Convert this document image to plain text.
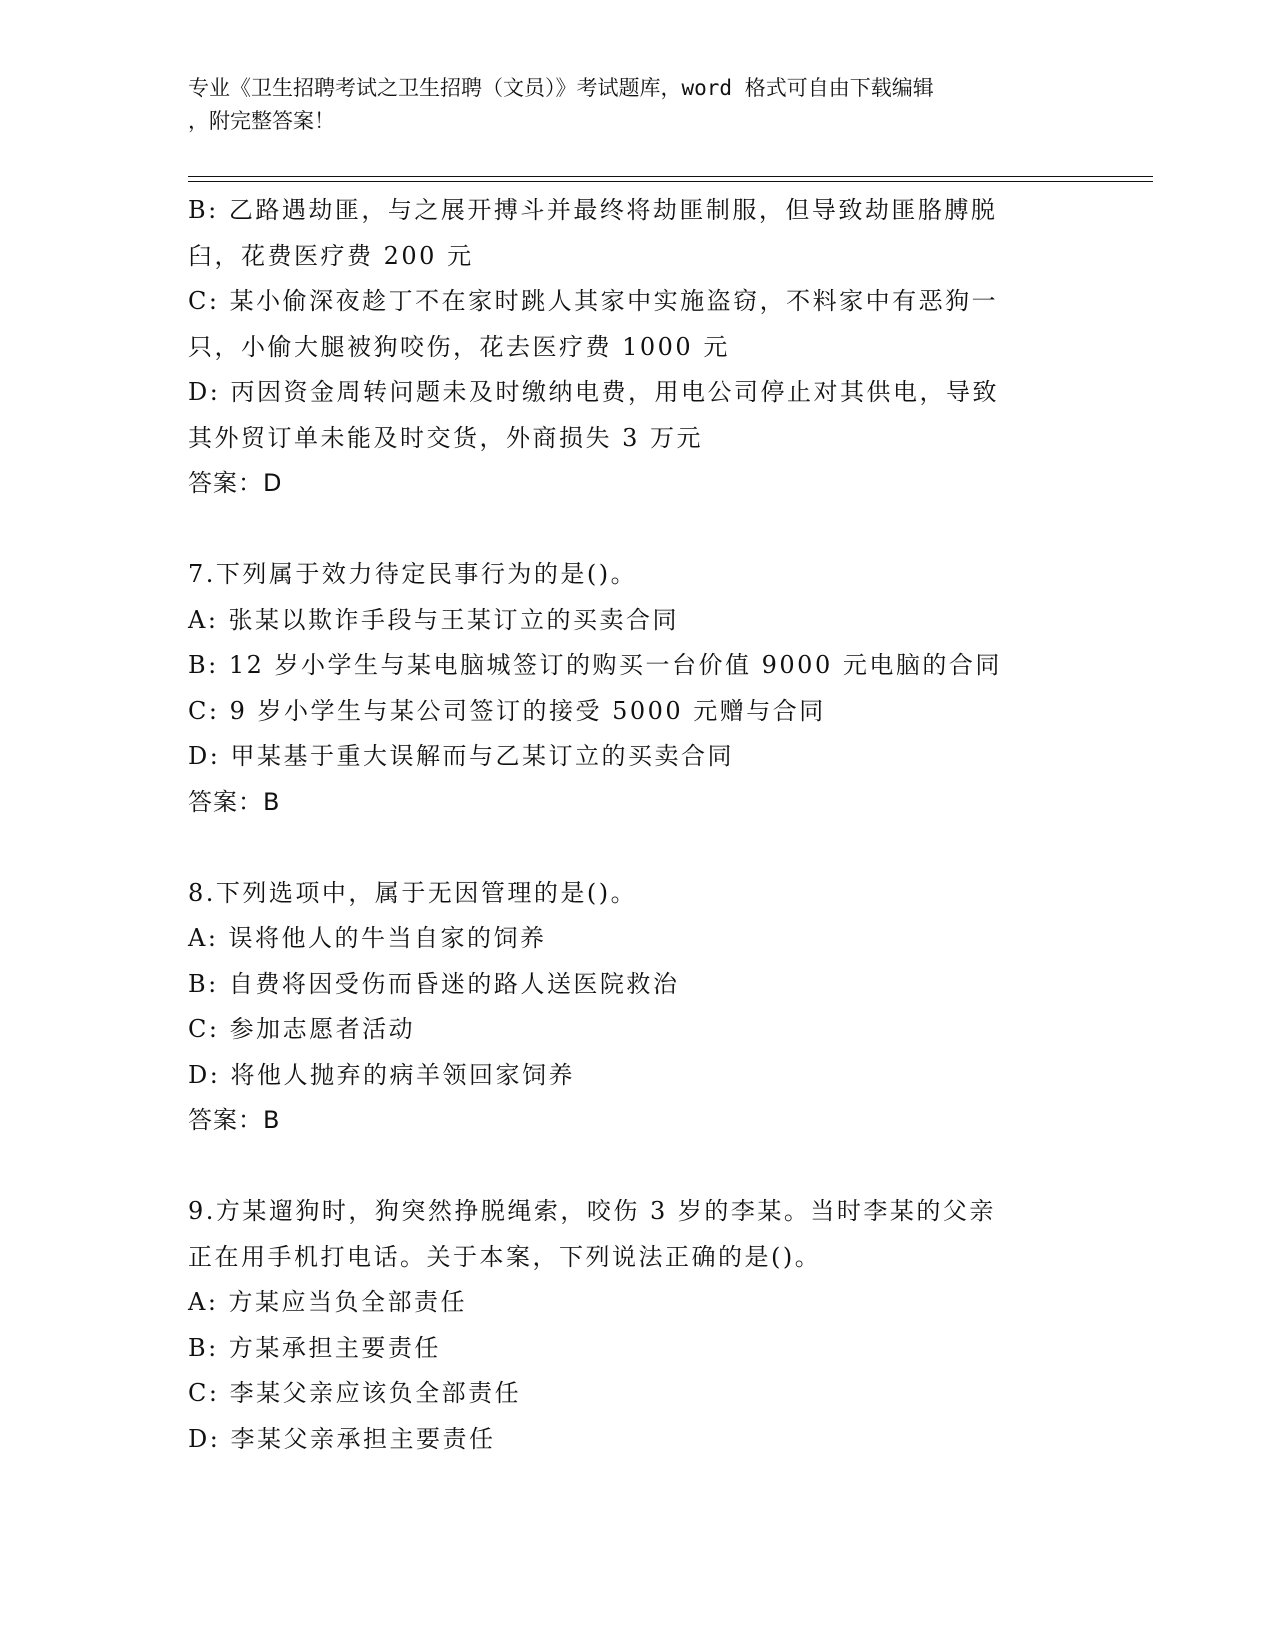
专业《卫生招聘考试之卫生招聘（文员）》考试题库，word 格式可自由下载编辑
，附完整答案！
B: 乙路遇劫匪，与之展开搏斗并最终将劫匪制服，但导致劫匪胳膊脱
臼，花费医疗费 200 元
C: 某小偷深夜趁丁不在家时跳人其家中实施盗窃，不料家中有恶狗一
只，小偷大腿被狗咬伤，花去医疗费 1000 元
D: 丙因资金周转问题未及时缴纳电费，用电公司停止对其供电，导致
其外贸订单未能及时交货，外商损失 3 万元
答案：D
7.下列属于效力待定民事行为的是()。
A: 张某以欺诈手段与王某订立的买卖合同
B: 12 岁小学生与某电脑城签订的购买一台价值 9000 元电脑的合同
C: 9 岁小学生与某公司签订的接受 5000 元赠与合同
D: 甲某基于重大误解而与乙某订立的买卖合同
答案：B
8.下列选项中，属于无因管理的是()。
A: 误将他人的牛当自家的饲养
B: 自费将因受伤而昏迷的路人送医院救治
C: 参加志愿者活动
D: 将他人抛弃的病羊领回家饲养
答案：B
9.方某遛狗时，狗突然挣脱绳索，咬伤 3 岁的李某。当时李某的父亲
正在用手机打电话。关于本案，下列说法正确的是()。
A: 方某应当负全部责任
B: 方某承担主要责任
C: 李某父亲应该负全部责任
D: 李某父亲承担主要责任
